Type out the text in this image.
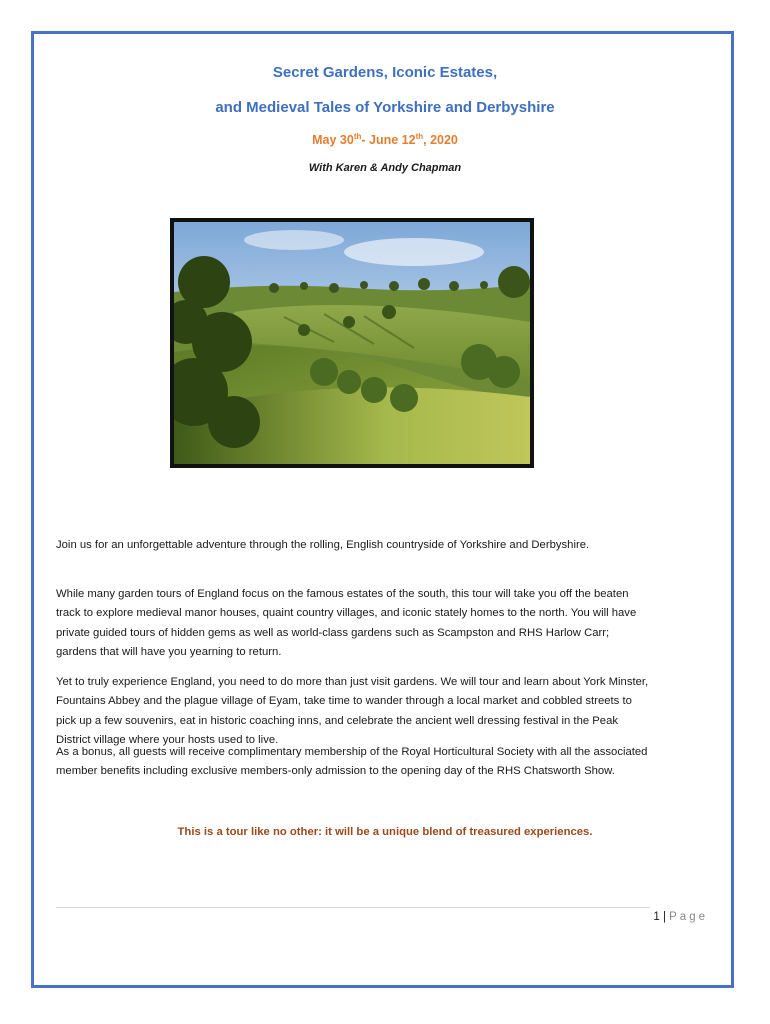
Secret Gardens, Iconic Estates,
and Medieval Tales of Yorkshire and Derbyshire
May 30th- June 12th, 2020
With Karen & Andy Chapman

Join us for an unforgettable adventure through the rolling, English countryside of Yorkshire and Derbyshire.

While many garden tours of England focus on the famous estates of the south, this tour will take you off the beaten track to explore medieval manor houses, quaint country villages, and iconic stately homes to the north. You will have private guided tours of hidden gems as well as world-class gardens such as Scampston and RHS Harlow Carr; gardens that will have you yearning to return.

Yet to truly experience England, you need to do more than just visit gardens. We will tour and learn about York Minster, Fountains Abbey and the plague village of Eyam, take time to wander through a local market and cobbled streets to pick up a few souvenirs, eat in historic coaching inns, and celebrate the ancient well dressing festival in the Peak District village where your hosts used to live.

As a bonus, all guests will receive complimentary membership of the Royal Horticultural Society with all the associated member benefits including exclusive members-only admission to the opening day of the RHS Chatsworth Show.

This is a tour like no other: it will be a unique blend of treasured experiences.
1 | Page
